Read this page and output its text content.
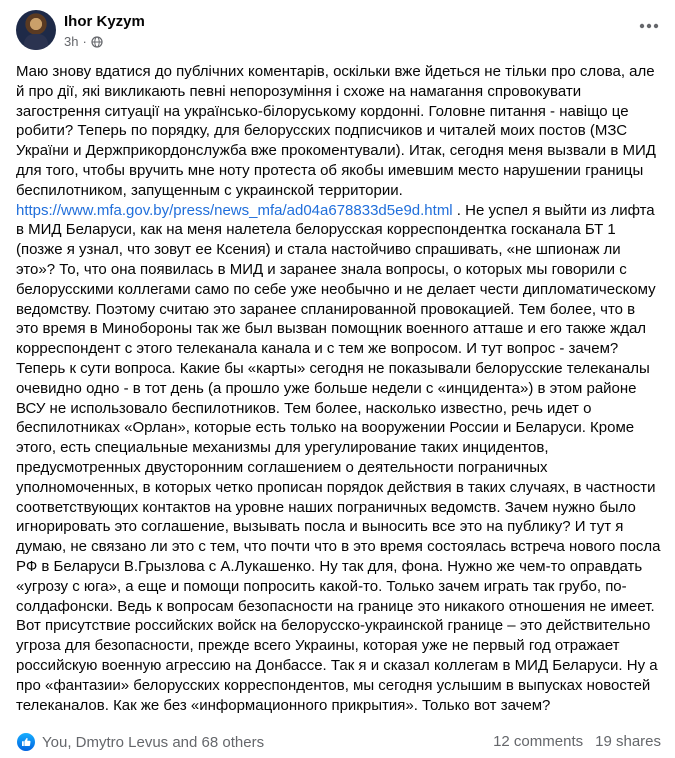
Ihor Kyzym
3h ·
Маю знову вдатися до публічних коментарів, оскільки вже йдеться не тільки про слова, але й про дії, які викликають певні непорозуміння і схоже на намагання спровокувати загострення ситуації на українсько-білоруському кордонні. Головне питання - навіщо це робити? Теперь по порядку, для белорусских подписчиков и читалей моих постов (МЗС України и Держприкордонслужба вже прокоментували). Итак, сегодня меня вызвали в МИД для того, чтобы вручить мне ноту протеста об якобы имевшим место нарушении границы беспилотником, запущенным с украинской территории. https://www.mfa.gov.by/press/news_mfa/ad04a678833d5e9d.html . Не успел я выйти из лифта в МИД Беларуси, как на меня налетела белорусская корреспондентка госканала БТ 1 (позже я узнал, что зовут ее Ксения) и стала настойчиво спрашивать, «не шпионаж ли это»? То, что она появилась в МИД и заранее знала вопросы, о которых мы говорили с белорусскими коллегами само по себе уже необычно и не делает чести дипломатическому ведомству. Поэтому считаю это заранее спланированной провокацией. Тем более, что в это время в Минобороны так же был вызван помощник военного атташе и его также ждал корреспондент с этого телеканала канала и с тем же вопросом. И тут вопрос - зачем? Теперь к сути вопроса. Какие бы «карты» сегодня не показывали белорусские телеканалы очевидно одно - в тот день (а прошло уже больше недели с «инцидента») в этом районе ВСУ не использовало беспилотников. Тем более, насколько известно, речь идет о беспилотниках «Орлан», которые есть только на вооружении России и Беларуси. Кроме этого, есть специальные механизмы для урегулирование таких инцидентов, предусмотренных двусторонним соглашением о деятельности пограничных уполномоченных, в которых четко прописан порядок действия в таких случаях, в частности соответствующих контактов на уровне наших пограничных ведомств. Зачем нужно было игнорировать это соглашение, вызывать посла и выносить все это на публику? И тут я думаю, не связано ли это с тем, что почти что в это время состоялась встреча нового посла РФ в Беларуси В.Грызлова с А.Лукашенко. Ну так для, фона. Нужно же чем-то оправдать «угрозу с юга», а еще и помощи попросить какой-то. Только зачем играть так грубо, по-солдафонски. Ведь к вопросам безопасности на границе это никакого отношения не имеет. Вот присутствие российских войск на белорусско-украинской границе – это действительно угроза для безопасности, прежде всего Украины, которая уже не первый год отражает российскую военную агрессию на Донбассе. Так я и сказал коллегам в МИД Беларуси. Ну а про «фантазии» белорусских корреспондентов, мы сегодня услышим в выпусках новостей телеканалов. Как же без «информационного прикрытия». Только вот зачем?
You, Dmytro Levus and 68 others	12 comments 19 shares
